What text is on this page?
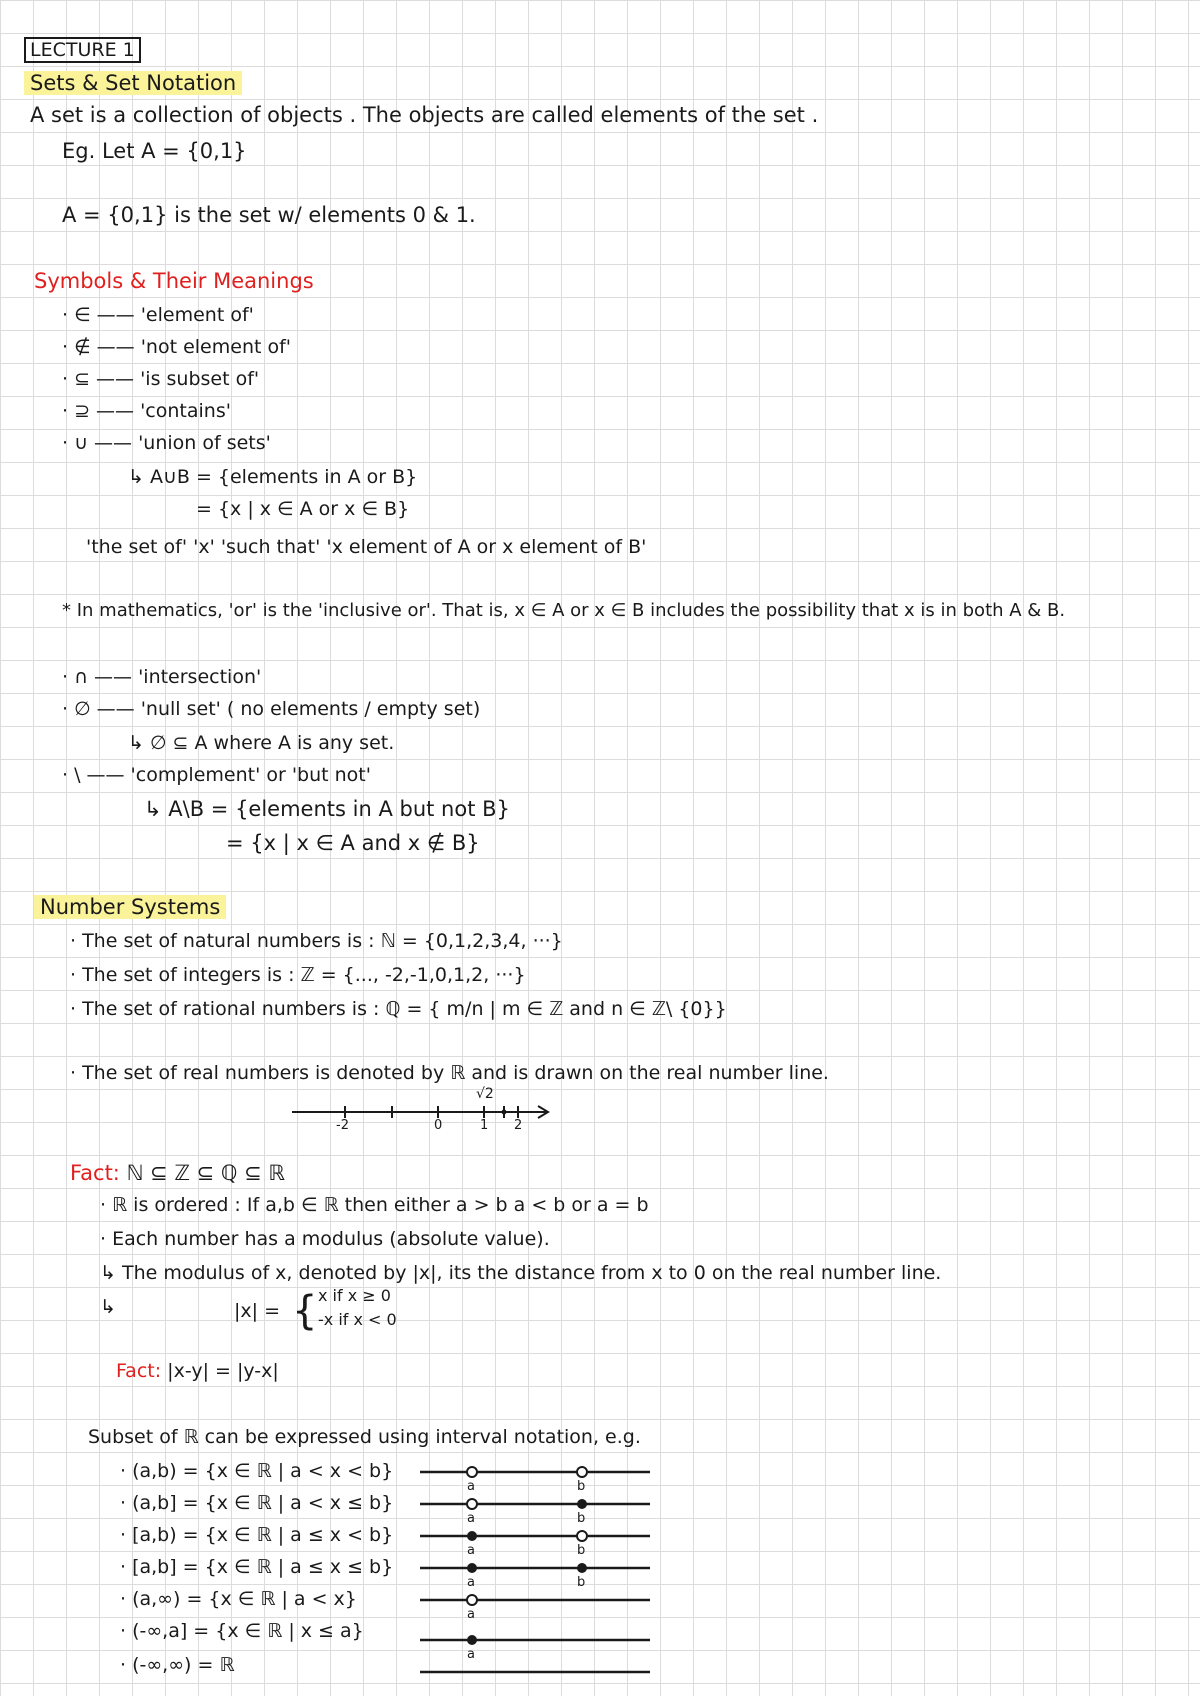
LECTURE 1
Sets & Set Notation
A set is a collection of objects . The objects are called elements of the set .
Eg. Let A = {0,1}
A = {0,1} is the set w/ elements 0 & 1.
Symbols & Their Meanings
· ∈ —— 'element of'
· ∉ —— 'not element of'
· ⊆ —— 'is subset of'
· ⊇ —— 'contains'
· ∪ —— 'union of sets'
↳ A∪B = {elements in A or B}
= {x | x ∈ A or x ∈ B}
'the set of' 'x' 'such that' 'x element of A or x element of B'
* In mathematics, 'or' is the 'inclusive or'. That is, x ∈ A or x ∈ B includes the possibility that x is in both A & B.
· ∩ —— 'intersection'
· ∅ —— 'null set' ( no elements / empty set)
↳ ∅ ⊆ A where A is any set.
· \ —— 'complement' or 'but not'
↳ A\B = {elements in A but not B}
= {x | x ∈ A and x ∉ B}
Number Systems
· The set of natural numbers is : ℕ = {0,1,2,3,4, ···}
· The set of integers is : ℤ = {..., -2,-1,0,1,2, ···}
· The set of rational numbers is : ℚ = { m/n | m ∈ ℤ and n ∈ ℤ\ {0}}
· The set of real numbers is denoted by ℝ and is drawn on the real number line.
√2
-2	0	1 2
Fact: ℕ ⊆ ℤ ⊆ ℚ ⊆ ℝ
· ℝ is ordered : If a,b ∈ ℝ then either a > b a < b or a = b
· Each number has a modulus (absolute value).
↳ The modulus of x, denoted by |x|, its the distance from x to 0 on the real number line.
↳	|x| = { x if x ≥ 0
-x if x < 0
Fact: |x-y| = |y-x|
Subset of ℝ can be expressed using interval notation, e.g.
· (a,b) = {x ∈ ℝ | a < x < b}
· (a,b] = {x ∈ ℝ | a < x ≤ b}
· [a,b) = {x ∈ ℝ | a ≤ x < b}
· [a,b] = {x ∈ ℝ | a ≤ x ≤ b}
· (a,∞) = {x ∈ ℝ | a < x}
· (-∞,a] = {x ∈ ℝ | x ≤ a}
· (-∞,∞) = ℝ
a	b
a	b
a	b
a	b
a
a
